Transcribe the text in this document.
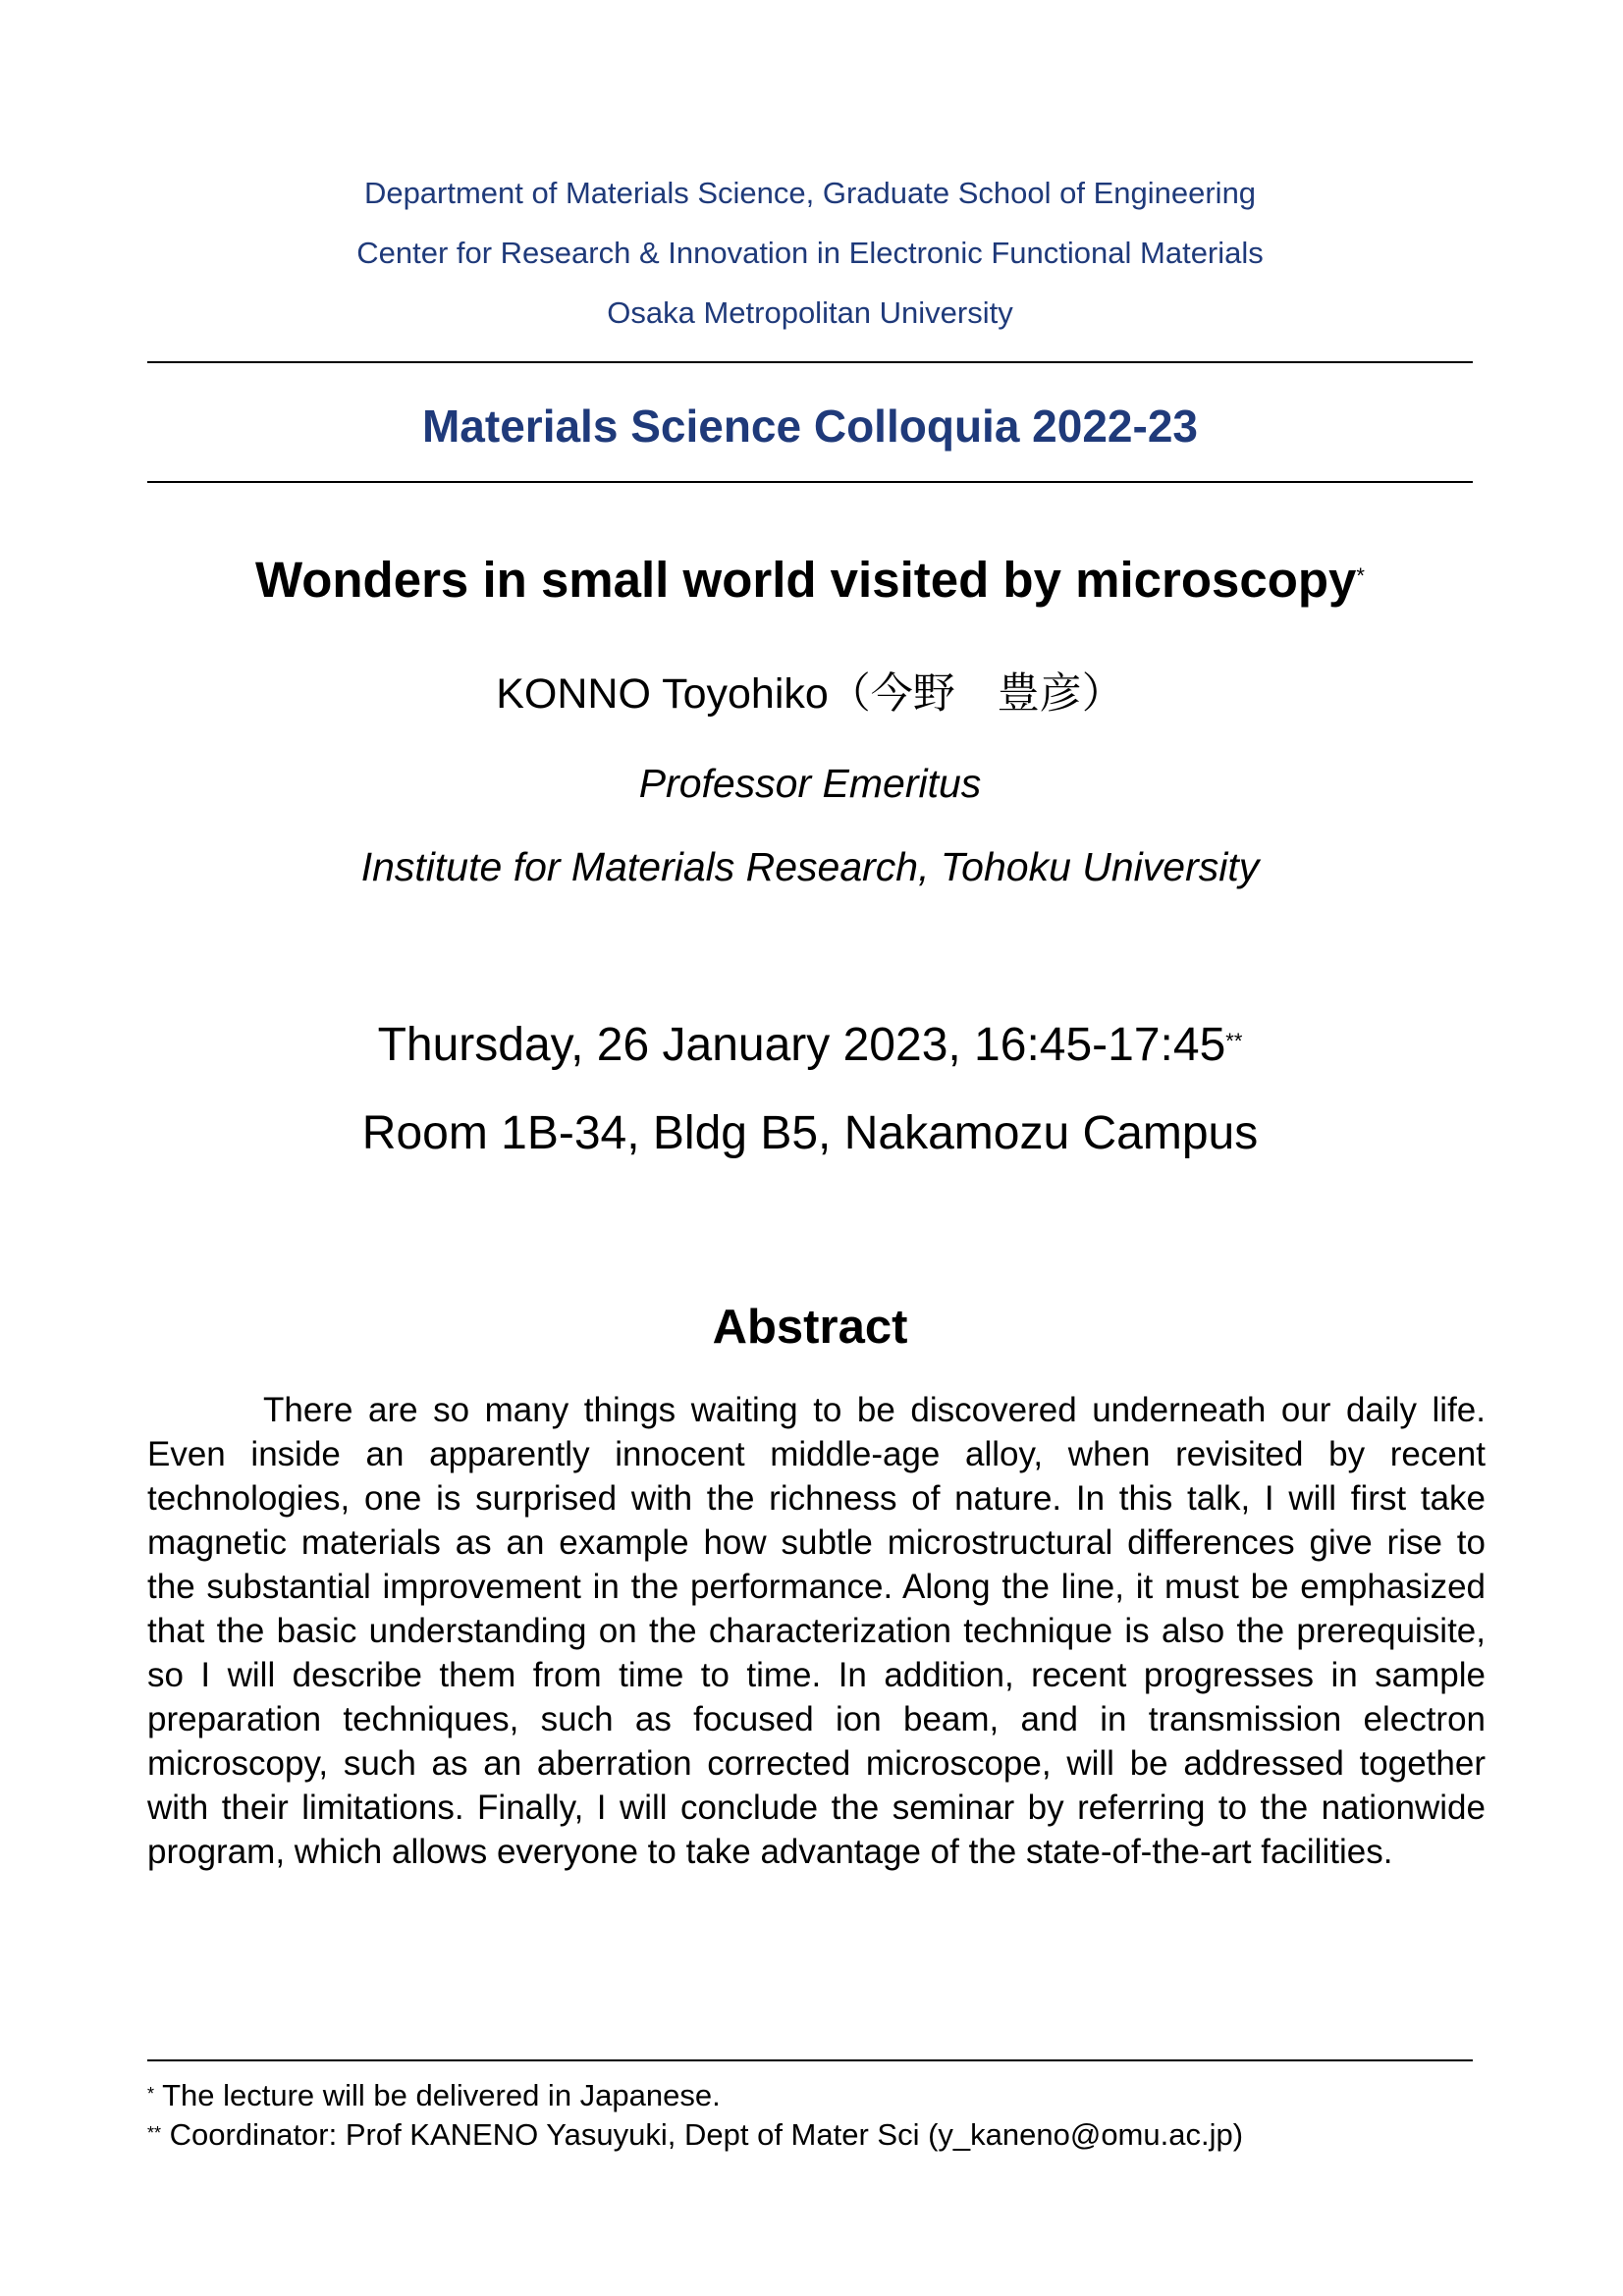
Department of Materials Science, Graduate School of Engineering
Center for Research & Innovation in Electronic Functional Materials
Osaka Metropolitan University
Materials Science Colloquia 2022-23
Wonders in small world visited by microscopy*
KONNO Toyohiko（今野　豊彦）
Professor Emeritus
Institute for Materials Research, Tohoku University
Thursday, 26 January 2023, 16:45-17:45**
Room 1B-34, Bldg B5, Nakamozu Campus
Abstract
There are so many things waiting to be discovered underneath our daily life. Even inside an apparently innocent middle-age alloy, when revisited by recent technologies, one is surprised with the richness of nature. In this talk, I will first take magnetic materials as an example how subtle microstructural differences give rise to the substantial improvement in the performance. Along the line, it must be emphasized that the basic understanding on the characterization technique is also the prerequisite, so I will describe them from time to time. In addition, recent progresses in sample preparation techniques, such as focused ion beam, and in transmission electron microscopy, such as an aberration corrected microscope, will be addressed together with their limitations. Finally, I will conclude the seminar by referring to the nationwide program, which allows everyone to take advantage of the state-of-the-art facilities.
* The lecture will be delivered in Japanese.
** Coordinator: Prof KANENO Yasuyuki, Dept of Mater Sci (y_kaneno@omu.ac.jp)
